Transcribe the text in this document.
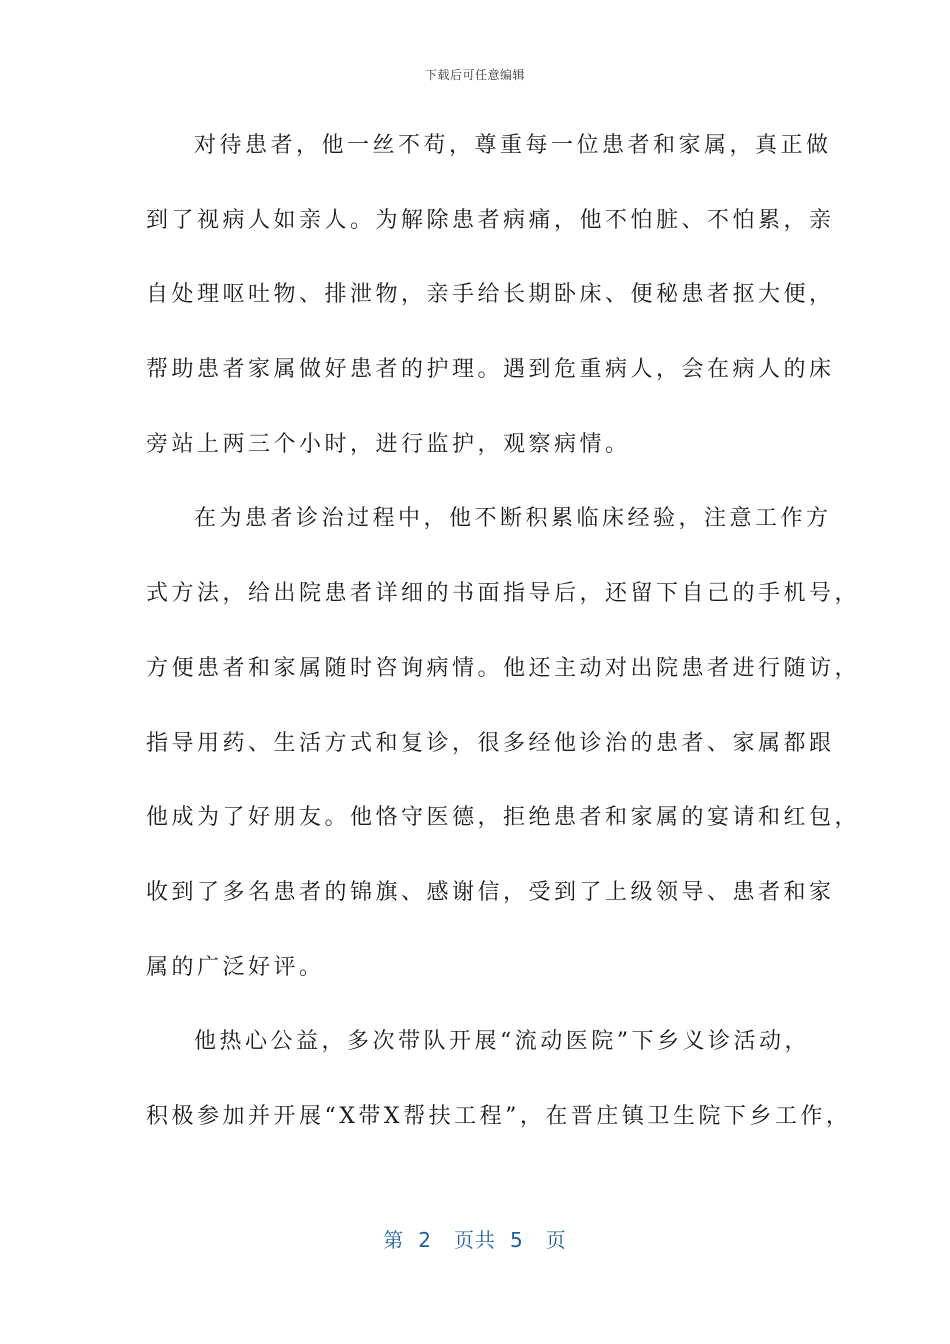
下载后可任意编辑
对待患者，他一丝不苟，尊重每一位患者和家属，真正做
到了视病人如亲人。为解除患者病痛，他不怕脏、不怕累，亲
自处理呕吐物、排泄物，亲手给长期卧床、便秘患者抠大便，
帮助患者家属做好患者的护理。遇到危重病人，会在病人的床
旁站上两三个小时，进行监护，观察病情。
在为患者诊治过程中，他不断积累临床经验，注意工作方
式方法，给出院患者详细的书面指导后，还留下自己的手机号，
方便患者和家属随时咨询病情。他还主动对出院患者进行随访，
指导用药、生活方式和复诊，很多经他诊治的患者、家属都跟
他成为了好朋友。他恪守医德，拒绝患者和家属的宴请和红包，
收到了多名患者的锦旗、感谢信，受到了上级领导、患者和家
属的广泛好评。
他热心公益，多次带队开展“流动医院”下乡义诊活动，
积极参加并开展“X带X帮扶工程”，在晋庄镇卫生院下乡工作，
第 2 页共 5 页
